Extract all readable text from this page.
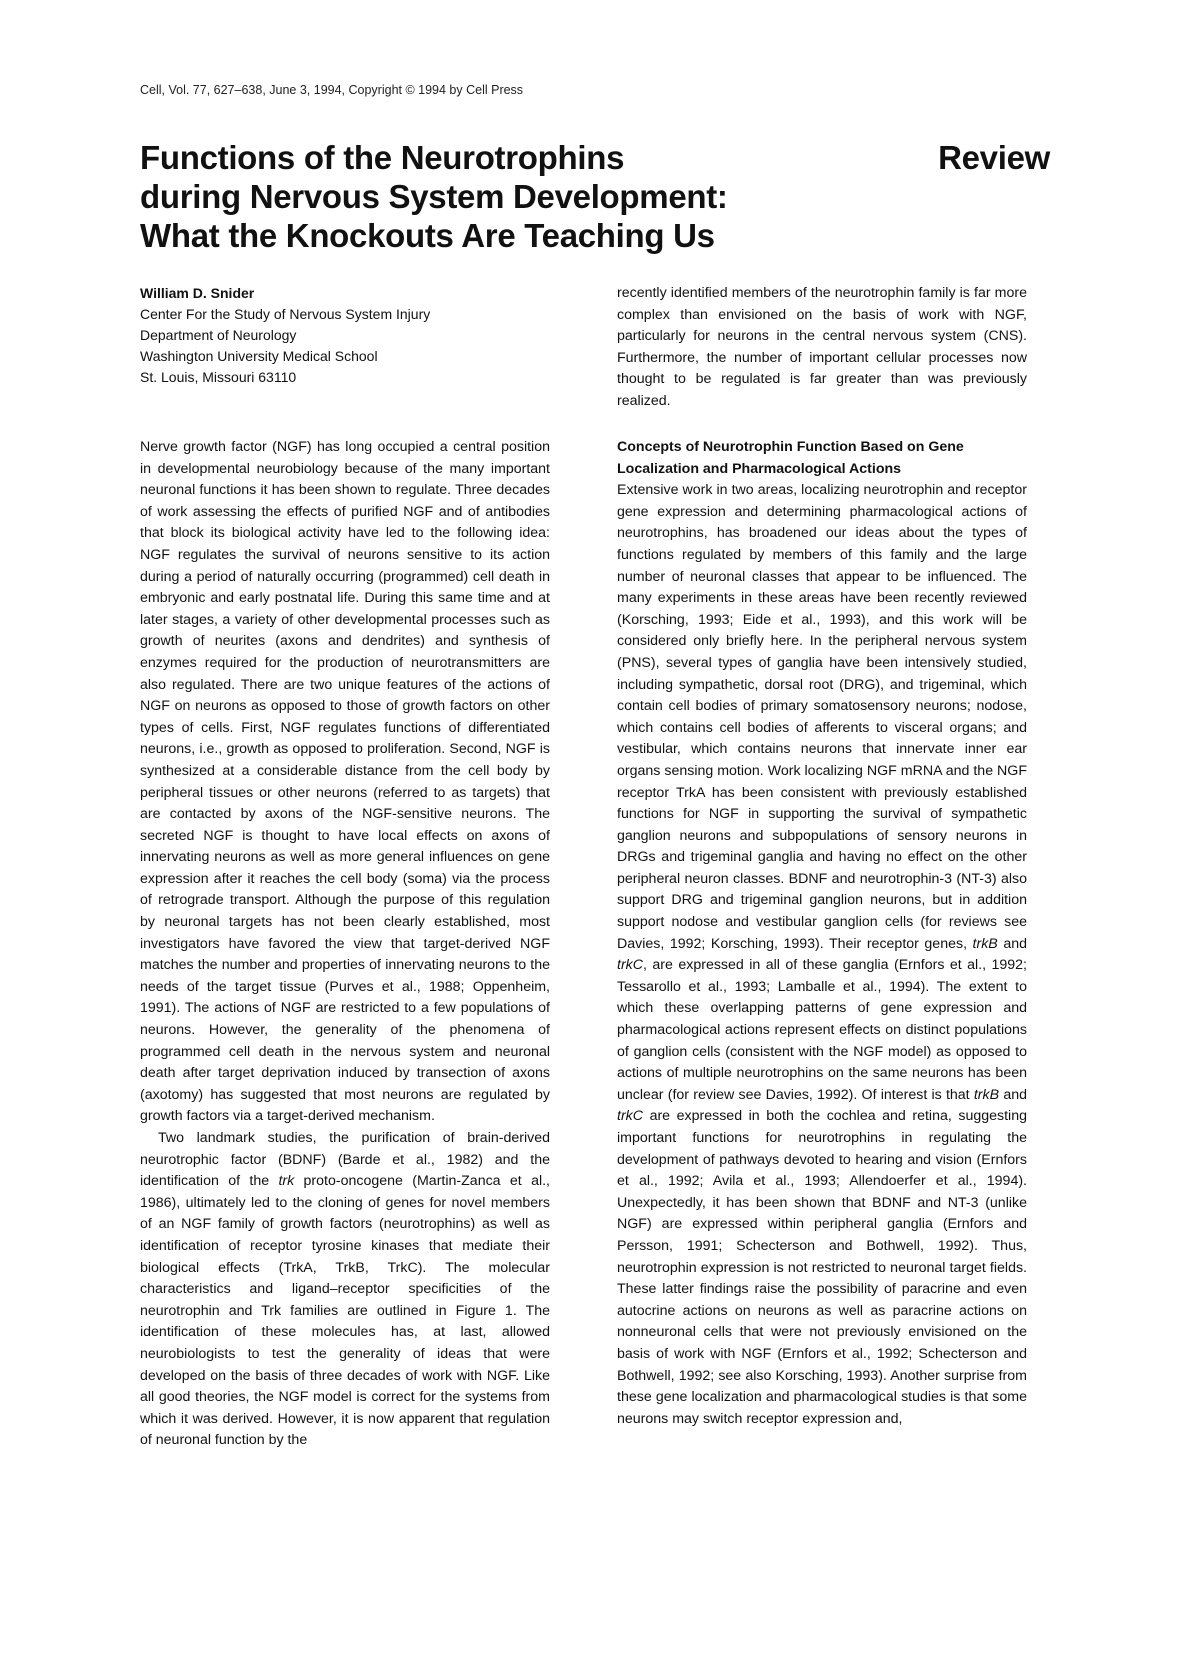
Cell, Vol. 77, 627–638, June 3, 1994, Copyright © 1994 by Cell Press
Functions of the Neurotrophins
during Nervous System Development:
What the Knockouts Are Teaching Us
Review
William D. Snider
Center For the Study of Nervous System Injury
Department of Neurology
Washington University Medical School
St. Louis, Missouri 63110

Nerve growth factor (NGF) has long occupied a central position in developmental neurobiology because of the many important neuronal functions it has been shown to regulate. Three decades of work assessing the effects of purified NGF and of antibodies that block its biological activity have led to the following idea: NGF regulates the survival of neurons sensitive to its action during a period of naturally occurring (programmed) cell death in embryonic and early postnatal life. During this same time and at later stages, a variety of other developmental processes such as growth of neurites (axons and dendrites) and synthesis of enzymes required for the production of neurotransmitters are also regulated. There are two unique features of the actions of NGF on neurons as opposed to those of growth factors on other types of cells. First, NGF regulates functions of differentiated neurons, i.e., growth as opposed to proliferation. Second, NGF is synthesized at a considerable distance from the cell body by peripheral tissues or other neurons (referred to as targets) that are contacted by axons of the NGF-sensitive neurons. The secreted NGF is thought to have local effects on axons of innervating neurons as well as more general influences on gene expression after it reaches the cell body (soma) via the process of retrograde transport. Although the purpose of this regulation by neuronal targets has not been clearly established, most investigators have favored the view that target-derived NGF matches the number and properties of innervating neurons to the needs of the target tissue (Purves et al., 1988; Oppenheim, 1991). The actions of NGF are restricted to a few populations of neurons. However, the generality of the phenomena of programmed cell death in the nervous system and neuronal death after target deprivation induced by transection of axons (axotomy) has suggested that most neurons are regulated by growth factors via a target-derived mechanism.

Two landmark studies, the purification of brain-derived neurotrophic factor (BDNF) (Barde et al., 1982) and the identification of the trk proto-oncogene (Martin-Zanca et al., 1986), ultimately led to the cloning of genes for novel members of an NGF family of growth factors (neurotrophins) as well as identification of receptor tyrosine kinases that mediate their biological effects (TrkA, TrkB, TrkC). The molecular characteristics and ligand–receptor specificities of the neurotrophin and Trk families are outlined in Figure 1. The identification of these molecules has, at last, allowed neurobiologists to test the generality of ideas that were developed on the basis of three decades of work with NGF. Like all good theories, the NGF model is correct for the systems from which it was derived. However, it is now apparent that regulation of neuronal function by the

recently identified members of the neurotrophin family is far more complex than envisioned on the basis of work with NGF, particularly for neurons in the central nervous system (CNS). Furthermore, the number of important cellular processes now thought to be regulated is far greater than was previously realized.

Concepts of Neurotrophin Function Based on Gene
Localization and Pharmacological Actions

Extensive work in two areas, localizing neurotrophin and receptor gene expression and determining pharmacological actions of neurotrophins, has broadened our ideas about the types of functions regulated by members of this family and the large number of neuronal classes that appear to be influenced. The many experiments in these areas have been recently reviewed (Korsching, 1993; Eide et al., 1993), and this work will be considered only briefly here. In the peripheral nervous system (PNS), several types of ganglia have been intensively studied, including sympathetic, dorsal root (DRG), and trigeminal, which contain cell bodies of primary somatosensory neurons; nodose, which contains cell bodies of afferents to visceral organs; and vestibular, which contains neurons that innervate inner ear organs sensing motion. Work localizing NGF mRNA and the NGF receptor TrkA has been consistent with previously established functions for NGF in supporting the survival of sympathetic ganglion neurons and subpopulations of sensory neurons in DRGs and trigeminal ganglia and having no effect on the other peripheral neuron classes. BDNF and neurotrophin-3 (NT-3) also support DRG and trigeminal ganglion neurons, but in addition support nodose and vestibular ganglion cells (for reviews see Davies, 1992; Korsching, 1993). Their receptor genes, trkB and trkC, are expressed in all of these ganglia (Ernfors et al., 1992; Tessarollo et al., 1993; Lamballe et al., 1994). The extent to which these overlapping patterns of gene expression and pharmacological actions represent effects on distinct populations of ganglion cells (consistent with the NGF model) as opposed to actions of multiple neurotrophins on the same neurons has been unclear (for review see Davies, 1992). Of interest is that trkB and trkC are expressed in both the cochlea and retina, suggesting important functions for neurotrophins in regulating the development of pathways devoted to hearing and vision (Ernfors et al., 1992; Avila et al., 1993; Allendoerfer et al., 1994). Unexpectedly, it has been shown that BDNF and NT-3 (unlike NGF) are expressed within peripheral ganglia (Ernfors and Persson, 1991; Schecterson and Bothwell, 1992). Thus, neurotrophin expression is not restricted to neuronal target fields. These latter findings raise the possibility of paracrine and even autocrine actions on neurons as well as paracrine actions on nonneuronal cells that were not previously envisioned on the basis of work with NGF (Ernfors et al., 1992; Schecterson and Bothwell, 1992; see also Korsching, 1993). Another surprise from these gene localization and pharmacological studies is that some neurons may switch receptor expression and,
